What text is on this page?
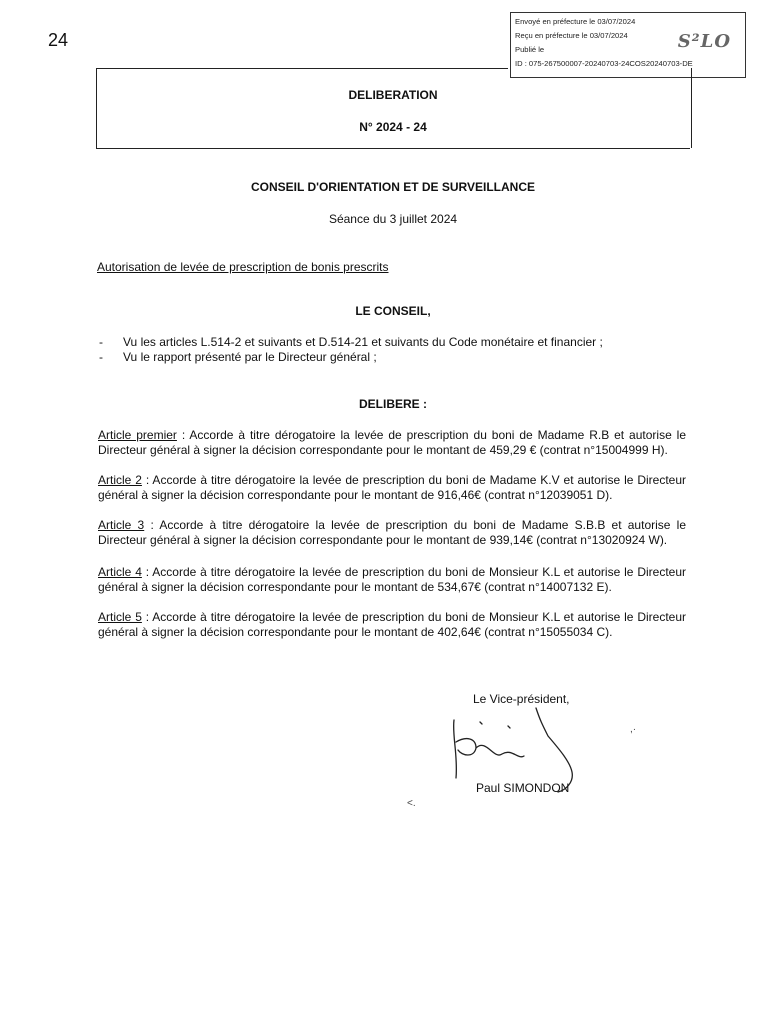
24
Envoyé en préfecture le 03/07/2024
Reçu en préfecture le 03/07/2024
Publié le
ID : 075-267500007-20240703-24COS20240703-DE
S²LO
DELIBERATION
N° 2024 - 24
CONSEIL D'ORIENTATION ET DE SURVEILLANCE
Séance du 3 juillet 2024
Autorisation de levée de prescription de bonis prescrits
LE CONSEIL,
- Vu les articles L.514-2 et suivants et D.514-21 et suivants du Code monétaire et financier ;
- Vu le rapport présenté par le Directeur général ;
DELIBERE :
Article premier : Accorde à titre dérogatoire la levée de prescription du boni de Madame R.B et autorise le Directeur général à signer la décision correspondante pour le montant de 459,29 € (contrat n°15004999 H).
Article 2 : Accorde à titre dérogatoire la levée de prescription du boni de Madame K.V et autorise le Directeur général à signer la décision correspondante pour le montant de 916,46€ (contrat n°12039051 D).
Article 3 : Accorde à titre dérogatoire la levée de prescription du boni de Madame S.B.B et autorise le Directeur général à signer la décision correspondante pour le montant de 939,14€ (contrat n°13020924 W).
Article 4 : Accorde à titre dérogatoire la levée de prescription du boni de Monsieur K.L et autorise le Directeur général à signer la décision correspondante pour le montant de 534,67€ (contrat n°14007132 E).
Article 5 : Accorde à titre dérogatoire la levée de prescription du boni de Monsieur K.L et autorise le Directeur général à signer la décision correspondante pour le montant de 402,64€ (contrat n°15055034 C).
Le Vice-président,
,·
Paul SIMONDON
<.
